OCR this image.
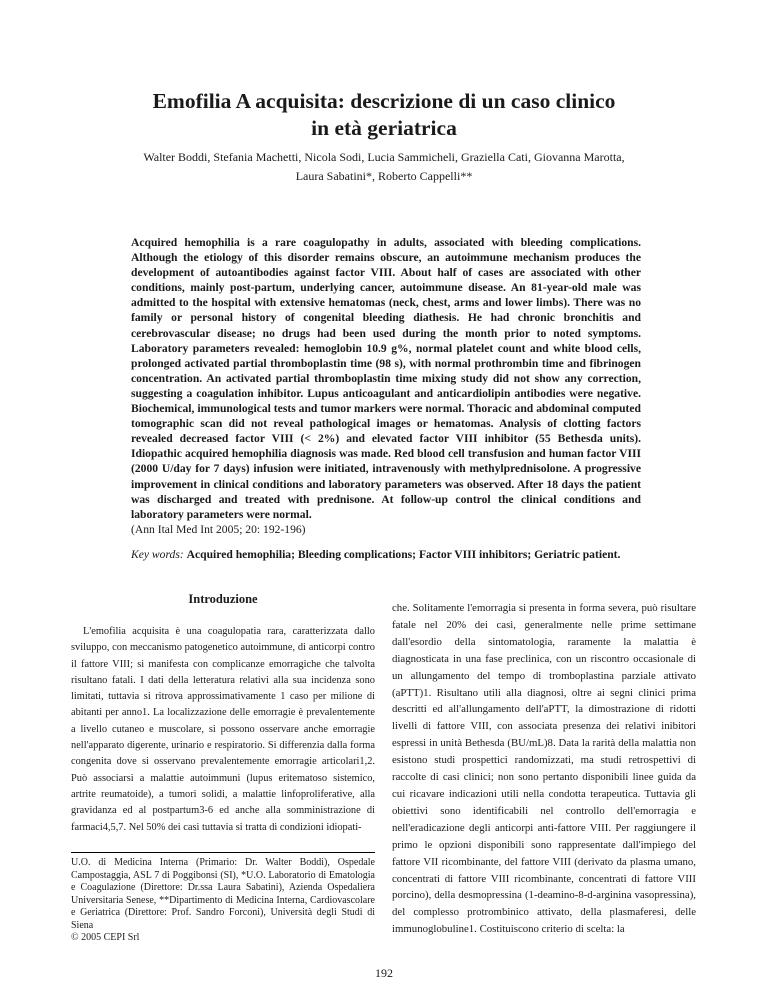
Emofilia A acquisita: descrizione di un caso clinico
in età geriatrica
Walter Boddi, Stefania Machetti, Nicola Sodi, Lucia Sammicheli, Graziella Cati, Giovanna Marotta,
Laura Sabatini*, Roberto Cappelli**
Acquired hemophilia is a rare coagulopathy in adults, associated with bleeding complications. Although the etiology of this disorder remains obscure, an autoimmune mechanism produces the development of autoantibodies against factor VIII. About half of cases are associated with other conditions, mainly post-partum, underlying cancer, autoimmune disease. An 81-year-old male was admitted to the hospital with extensive hematomas (neck, chest, arms and lower limbs). There was no family or personal history of congenital bleeding diathesis. He had chronic bronchitis and cerebrovascular disease; no drugs had been used during the month prior to noted symptoms. Laboratory parameters revealed: hemoglobin 10.9 g%, normal platelet count and white blood cells, prolonged activated partial thromboplastin time (98 s), with normal prothrombin time and fibrinogen concentration. An activated partial thromboplastin time mixing study did not show any correction, suggesting a coagulation inhibitor. Lupus anticoagulant and anticardiolipin antibodies were negative. Biochemical, immunological tests and tumor markers were normal. Thoracic and abdominal computed tomographic scan did not reveal pathological images or hematomas. Analysis of clotting factors revealed decreased factor VIII (< 2%) and elevated factor VIII inhibitor (55 Bethesda units). Idiopathic acquired hemophilia diagnosis was made. Red blood cell transfusion and human factor VIII (2000 U/day for 7 days) infusion were initiated, intravenously with methylprednisolone. A progressive improvement in clinical conditions and laboratory parameters was observed. After 18 days the patient was discharged and treated with prednisone. At follow-up control the clinical conditions and laboratory parameters were normal.
(Ann Ital Med Int 2005; 20: 192-196)
Key words: Acquired hemophilia; Bleeding complications; Factor VIII inhibitors; Geriatric patient.
Introduzione

L'emofilia acquisita è una coagulopatia rara, caratterizzata dallo sviluppo, con meccanismo patogenetico autoimmune, di anticorpi contro il fattore VIII; si manifesta con complicanze emorragiche che talvolta risultano fatali. I dati della letteratura relativi alla sua incidenza sono limitati, tuttavia si ritrova approssimativamente 1 caso per milione di abitanti per anno1. La localizzazione delle emorragie è prevalentemente a livello cutaneo e muscolare, si possono osservare anche emorragie nell'apparato digerente, urinario e respiratorio. Si differenzia dalla forma congenita dove si osservano prevalentemente emorragie articolari1,2. Può associarsi a malattie autoimmuni (lupus eritematoso sistemico, artrite reumatoide), a tumori solidi, a malattie linfoproliferative, alla gravidanza ed al postpartum3-6 ed anche alla somministrazione di farmaci4,5,7. Nel 50% dei casi tuttavia si tratta di condizioni idiopati-

che. Solitamente l'emorragia si presenta in forma severa, può risultare fatale nel 20% dei casi, generalmente nelle prime settimane dall'esordio della sintomatologia, raramente la malattia è diagnosticata in una fase preclinica, con un riscontro occasionale di un allungamento del tempo di tromboplastina parziale attivato (aPTT)1. Risultano utili alla diagnosi, oltre ai segni clinici prima descritti ed all'allungamento dell'aPTT, la dimostrazione di ridotti livelli di fattore VIII, con associata presenza dei relativi inibitori espressi in unità Bethesda (BU/mL)8. Data la rarità della malattia non esistono studi prospettici randomizzati, ma studi retrospettivi di raccolte di casi clinici; non sono pertanto disponibili linee guida da cui ricavare indicazioni utili nella condotta terapeutica. Tuttavia gli obiettivi sono identificabili nel controllo dell'emorragia e nell'eradicazione degli anticorpi anti-fattore VIII. Per raggiungere il primo le opzioni disponibili sono rappresentate dall'impiego del fattore VII ricombinante, del fattore VIII (derivato da plasma umano, concentrati di fattore VIII ricombinante, concentrati di fattore VIII porcino), della desmopressina (1-deamino-8-d-arginina vasopressina), del complesso protrombinico attivato, della plasmaferesi, delle immunoglobuline1. Costituiscono criterio di scelta: la

U.O. di Medicina Interna (Primario: Dr. Walter Boddi), Ospedale Campostaggia, ASL 7 di Poggibonsi (SI), *U.O. Laboratorio di Ematologia e Coagulazione (Direttore: Dr.ssa Laura Sabatini), Azienda Ospedaliera Universitaria Senese, **Dipartimento di Medicina Interna, Cardiovascolare e Geriatrica (Direttore: Prof. Sandro Forconi), Università degli Studi di Siena
© 2005 CEPI Srl
192
